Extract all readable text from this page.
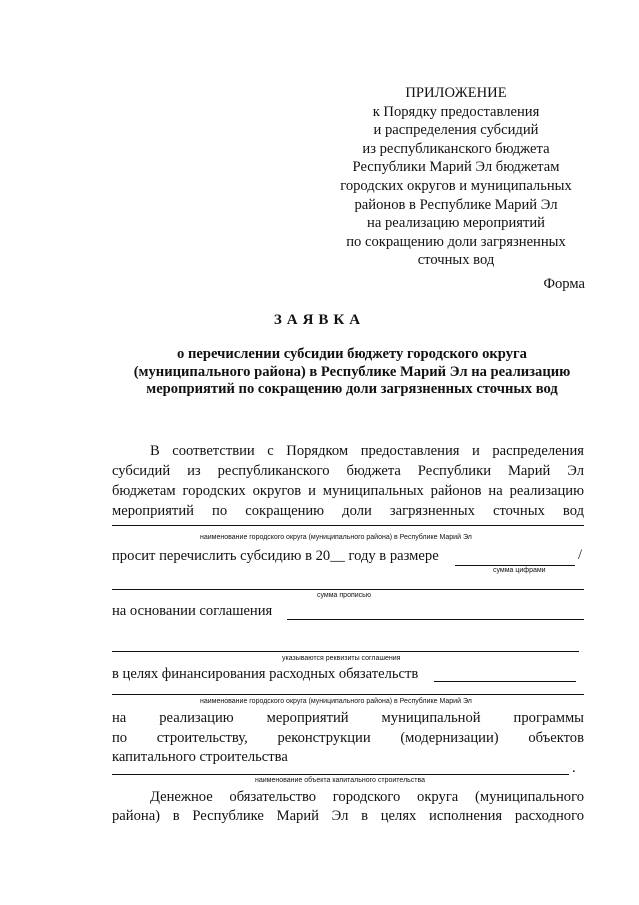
ПРИЛОЖЕНИЕ
к Порядку предоставления
и распределения субсидий
из республиканского бюджета
Республики Марий Эл бюджетам
городских округов и муниципальных
районов в Республике Марий Эл
на реализацию мероприятий
по сокращению доли загрязненных
сточных вод
Форма
ЗАЯВКА
о перечислении субсидии бюджету городского округа
(муниципального района) в Республике Марий Эл на реализацию
мероприятий по сокращению доли загрязненных сточных вод
В соответствии с Порядком предоставления и распределения
субсидий из республиканского бюджета Республики Марий Эл
бюджетам городских округов и муниципальных районов на реализацию
мероприятий по сокращению доли загрязненных сточных вод
наименование городского округа (муниципального района) в Республике Марий Эл
просит перечислить субсидию в 20__ году в размере	/
сумма цифрами
сумма прописью
на основании соглашения
указываются реквизиты соглашения
в целях финансирования расходных обязательств
наименование городского округа (муниципального района) в Республике Марий Эл
на реализацию мероприятий муниципальной программы
по строительству, реконструкции (модернизации) объектов
капитального строительства
.
наименование объекта капитального строительства
Денежное обязательство городского округа (муниципального
района) в Республике Марий Эл в целях исполнения расходного
